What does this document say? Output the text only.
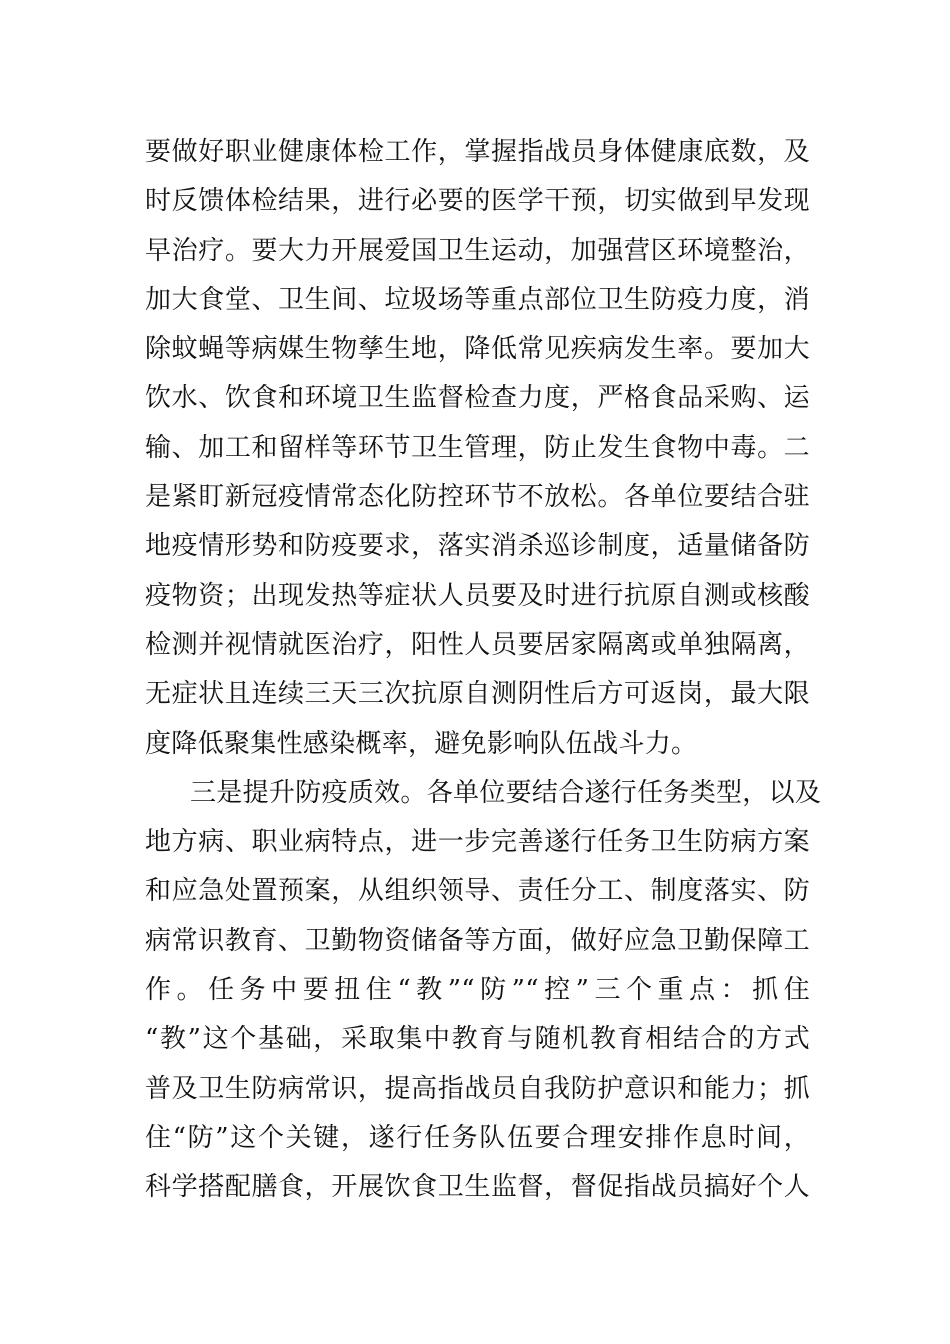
要做好职业健康体检工作，掌握指战员身体健康底数，及
时反馈体检结果，进行必要的医学干预，切实做到早发现
早治疗。要大力开展爱国卫生运动，加强营区环境整治，
加大食堂、卫生间、垃圾场等重点部位卫生防疫力度，消
除蚊蝇等病媒生物孳生地，降低常见疾病发生率。要加大
饮水、饮食和环境卫生监督检查力度，严格食品采购、运
输、加工和留样等环节卫生管理，防止发生食物中毒。二
是紧盯新冠疫情常态化防控环节不放松。各单位要结合驻
地疫情形势和防疫要求，落实消杀巡诊制度，适量储备防
疫物资；出现发热等症状人员要及时进行抗原自测或核酸
检测并视情就医治疗，阳性人员要居家隔离或单独隔离，
无症状且连续三天三次抗原自测阴性后方可返岗，最大限
度降低聚集性感染概率，避免影响队伍战斗力。
三是提升防疫质效。各单位要结合遂行任务类型，以及
地方病、职业病特点，进一步完善遂行任务卫生防病方案
和应急处置预案，从组织领导、责任分工、制度落实、防
病常识教育、卫勤物资储备等方面，做好应急卫勤保障工
作。任务中要扭住“教”“防”“控”三个重点：抓住
“教”这个基础，采取集中教育与随机教育相结合的方式
普及卫生防病常识，提高指战员自我防护意识和能力；抓
住“防”这个关键，遂行任务队伍要合理安排作息时间，
科学搭配膳食，开展饮食卫生监督，督促指战员搞好个人
